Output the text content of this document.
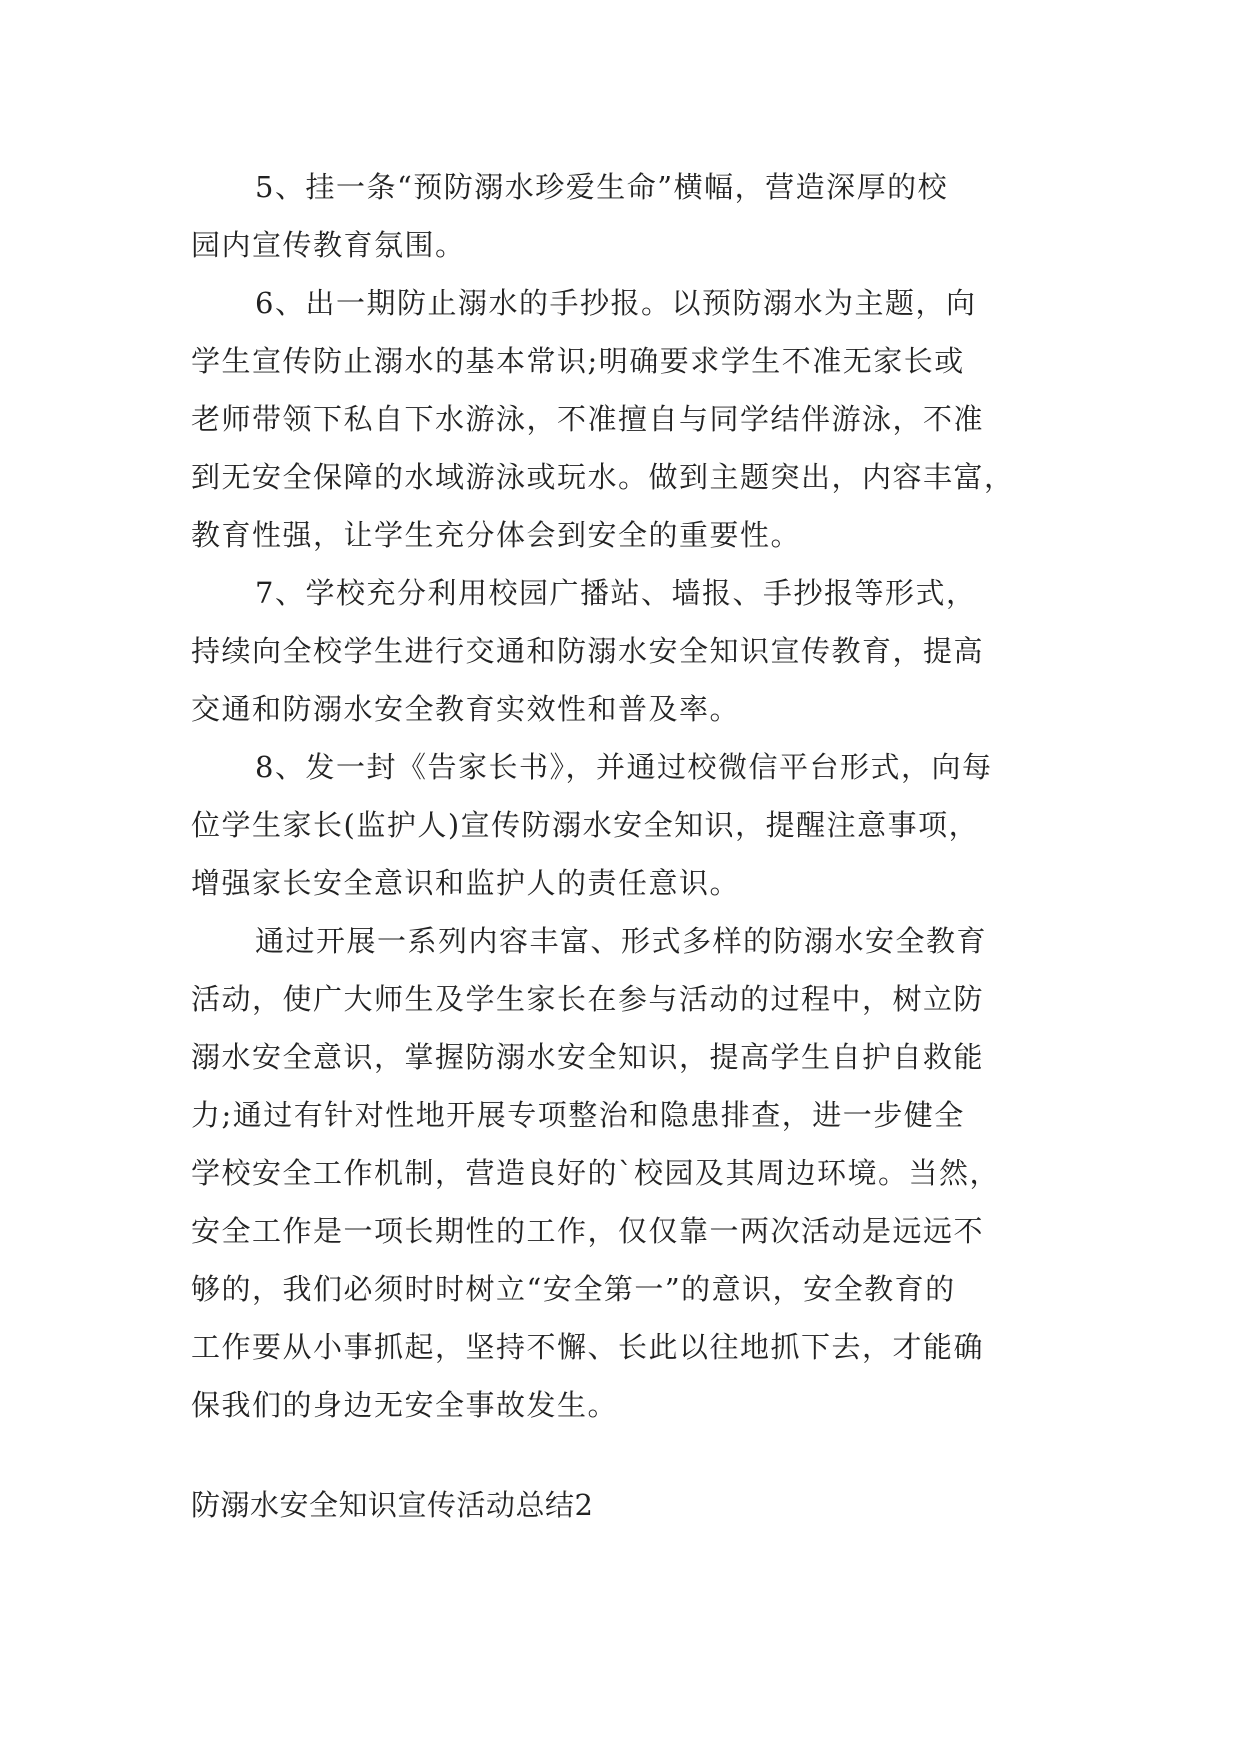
5、挂一条“预防溺水珍爱生命”横幅，营造深厚的校
园内宣传教育氛围。
6、出一期防止溺水的手抄报。以预防溺水为主题，向
学生宣传防止溺水的基本常识;明确要求学生不准无家长或
老师带领下私自下水游泳，不准擅自与同学结伴游泳，不准
到无安全保障的水域游泳或玩水。做到主题突出，内容丰富，
教育性强，让学生充分体会到安全的重要性。
7、学校充分利用校园广播站、墙报、手抄报等形式，
持续向全校学生进行交通和防溺水安全知识宣传教育，提高
交通和防溺水安全教育实效性和普及率。
8、发一封《告家长书》，并通过校微信平台形式，向每
位学生家长(监护人)宣传防溺水安全知识，提醒注意事项，
增强家长安全意识和监护人的责任意识。
通过开展一系列内容丰富、形式多样的防溺水安全教育
活动，使广大师生及学生家长在参与活动的过程中，树立防
溺水安全意识，掌握防溺水安全知识，提高学生自护自救能
力;通过有针对性地开展专项整治和隐患排查，进一步健全
学校安全工作机制，营造良好的`校园及其周边环境。当然，
安全工作是一项长期性的工作，仅仅靠一两次活动是远远不
够的，我们必须时时树立“安全第一”的意识，安全教育的
工作要从小事抓起，坚持不懈、长此以往地抓下去，才能确
保我们的身边无安全事故发生。
防溺水安全知识宣传活动总结2
